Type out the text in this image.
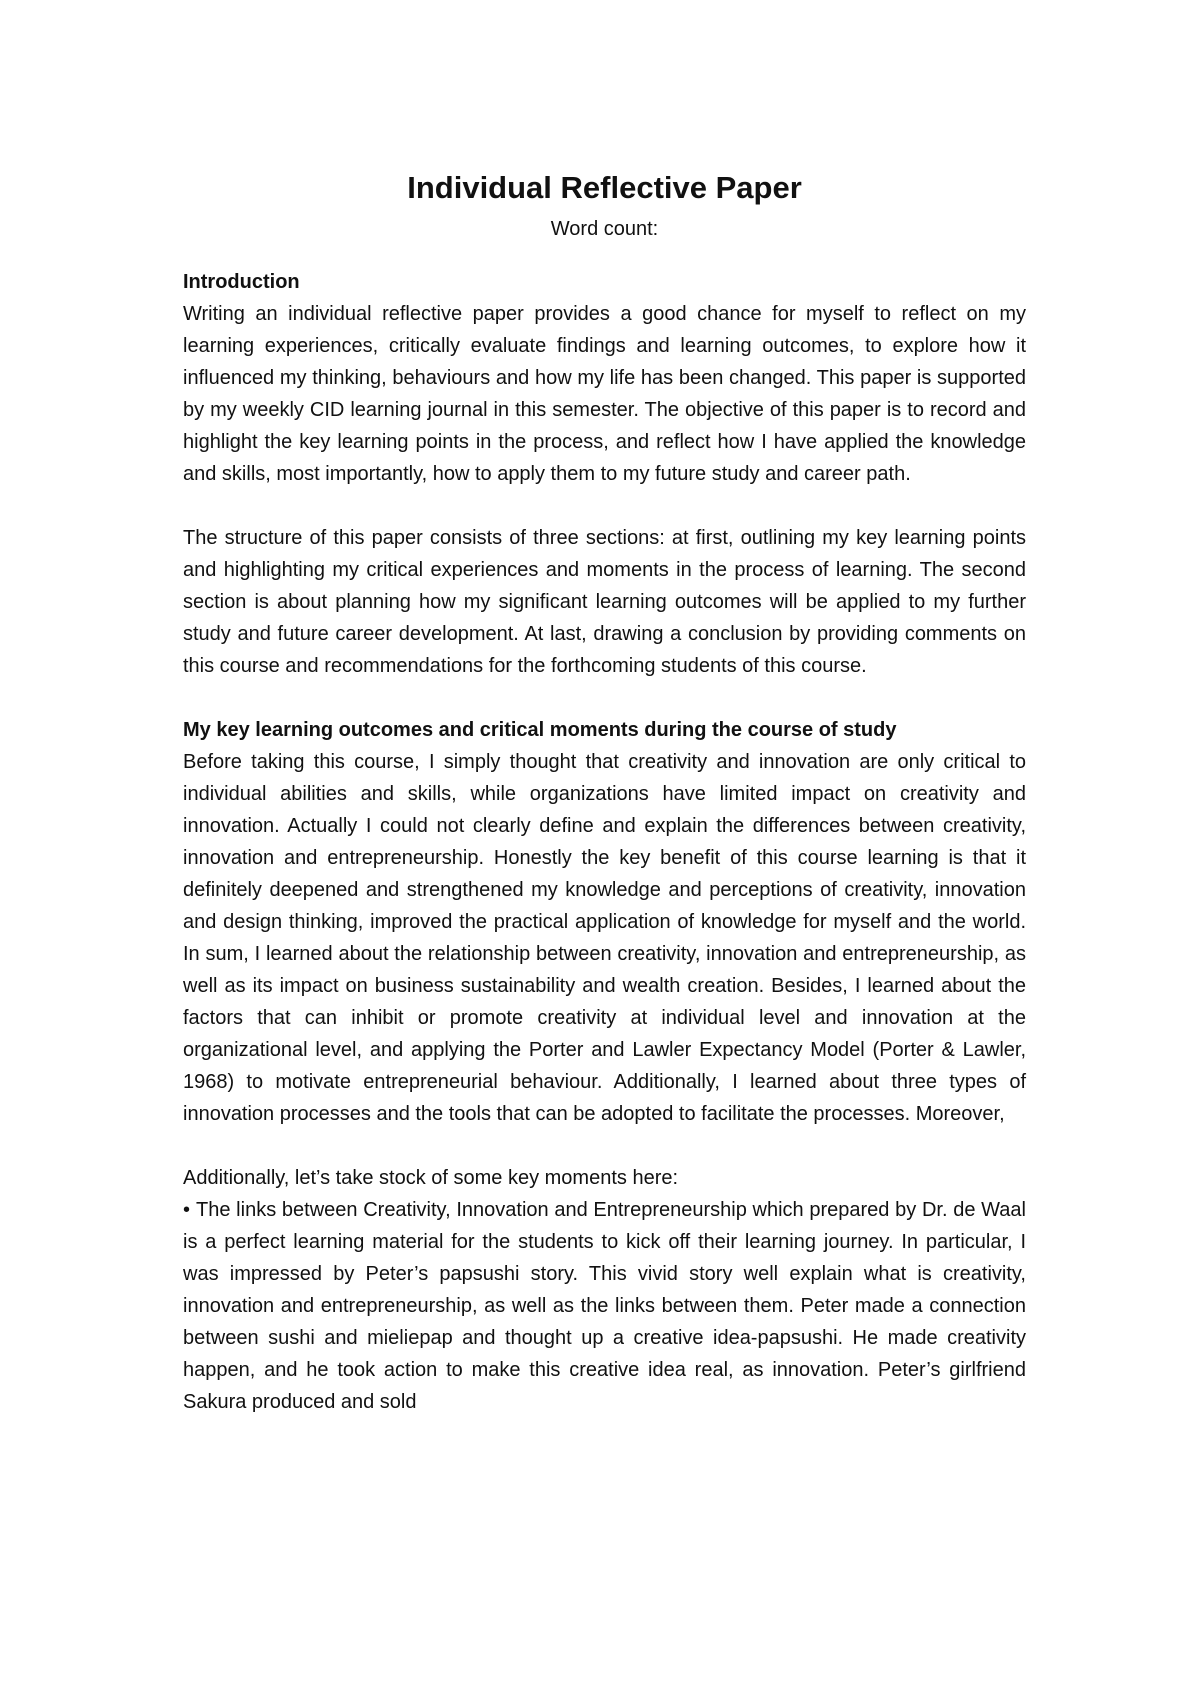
Individual Reflective Paper
Word count:
Introduction

Writing an individual reflective paper provides a good chance for myself to reflect on my learning experiences, critically evaluate findings and learning outcomes, to explore how it influenced my thinking, behaviours and how my life has been changed. This paper is supported by my weekly CID learning journal in this semester. The objective of this paper is to record and highlight the key learning points in the process, and reflect how I have applied the knowledge and skills, most importantly, how to apply them to my future study and career path.

The structure of this paper consists of three sections: at first, outlining my key learning points and highlighting my critical experiences and moments in the process of learning. The second section is about planning how my significant learning outcomes will be applied to my further study and future career development. At last, drawing a conclusion by providing comments on this course and recommendations for the forthcoming students of this course.

My key learning outcomes and critical moments during the course of study

Before taking this course, I simply thought that creativity and innovation are only critical to individual abilities and skills, while organizations have limited impact on creativity and innovation. Actually I could not clearly define and explain the differences between creativity, innovation and entrepreneurship. Honestly the key benefit of this course learning is that it definitely deepened and strengthened my knowledge and perceptions of creativity, innovation and design thinking, improved the practical application of knowledge for myself and the world. In sum, I learned about the relationship between creativity, innovation and entrepreneurship, as well as its impact on business sustainability and wealth creation. Besides, I learned about the factors that can inhibit or promote creativity at individual level and innovation at the organizational level, and applying the Porter and Lawler Expectancy Model (Porter & Lawler, 1968) to motivate entrepreneurial behaviour. Additionally, I learned about three types of innovation processes and the tools that can be adopted to facilitate the processes. Moreover,

Additionally, let’s take stock of some key moments here:

• The links between Creativity, Innovation and Entrepreneurship which prepared by Dr. de Waal is a perfect learning material for the students to kick off their learning journey. In particular, I was impressed by Peter’s papsushi story. This vivid story well explain what is creativity, innovation and entrepreneurship, as well as the links between them. Peter made a connection between sushi and mieliepap and thought up a creative idea-papsushi. He made creativity happen, and he took action to make this creative idea real, as innovation. Peter’s girlfriend Sakura produced and sold
